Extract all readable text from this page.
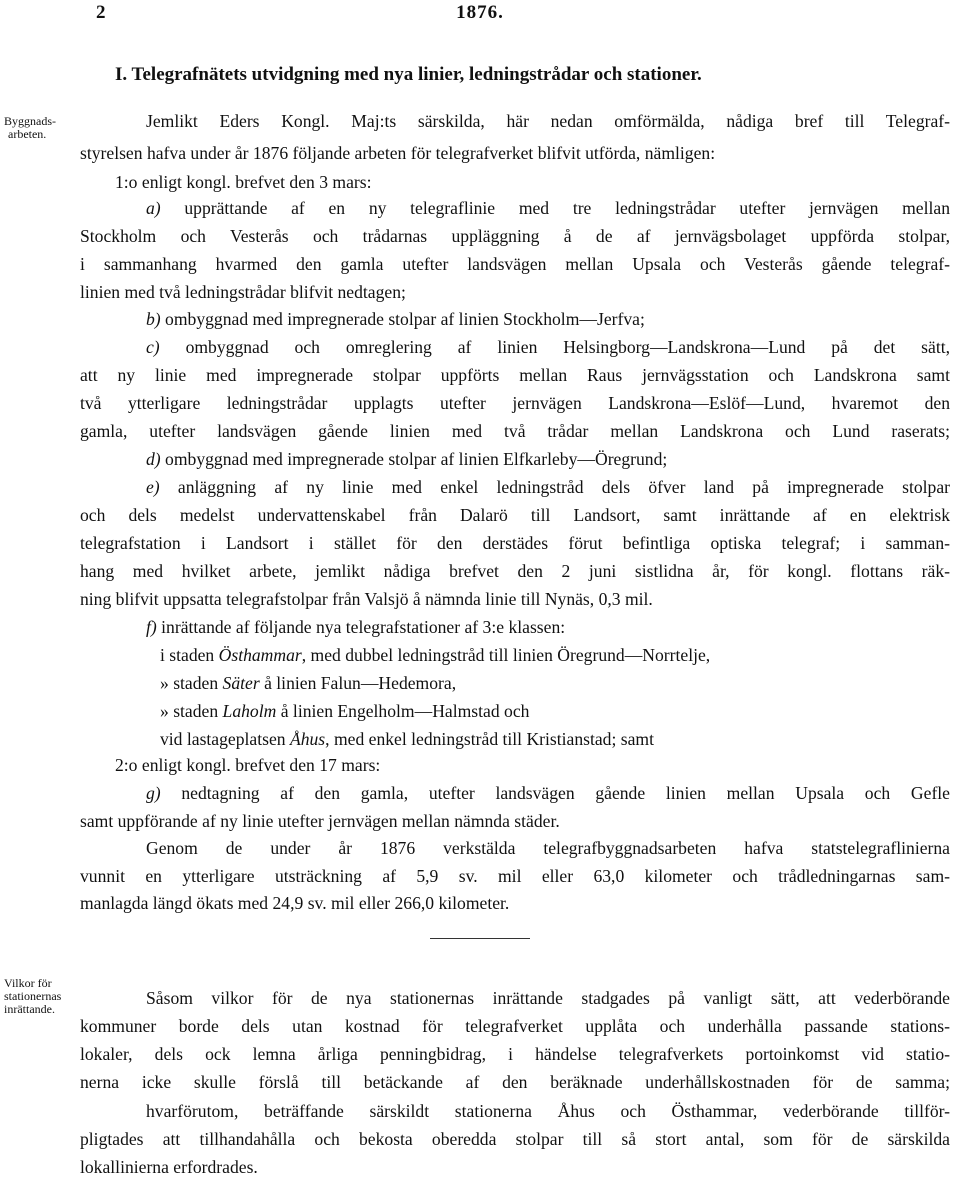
2	1876.
I. Telegrafnätets utvidgning med nya linier, ledningstrådar och stationer.
Byggnads-
arbeten.
Vilkor för
stationernas
inrättande.
Jemlikt Eders Kongl. Maj:ts särskilda, här nedan omförmälda, nådiga bref till Telegraf-
styrelsen hafva under år 1876 följande arbeten för telegrafverket blifvit utförda, nämligen:
1:o enligt kongl. brefvet den 3 mars:
a) upprättande af en ny telegraflinie med tre ledningstrådar utefter jernvägen mellan
Stockholm och Vesterås och trådarnas uppläggning å de af jernvägsbolaget uppförda stolpar,
i sammanhang hvarmed den gamla utefter landsvägen mellan Upsala och Vesterås gående telegraf-
linien med två ledningstrådar blifvit nedtagen;
b) ombyggnad med impregnerade stolpar af linien Stockholm—Jerfva;
c) ombyggnad och omreglering af linien Helsingborg—Landskrona—Lund på det sätt,
att ny linie med impregnerade stolpar uppförts mellan Raus jernvägsstation och Landskrona samt
två ytterligare ledningstrådar upplagts utefter jernvägen Landskrona—Eslöf—Lund, hvaremot den
gamla, utefter landsvägen gående linien med två trådar mellan Landskrona och Lund raserats;
d) ombyggnad med impregnerade stolpar af linien Elfkarleby—Öregrund;
e) anläggning af ny linie med enkel ledningstråd dels öfver land på impregnerade stolpar
och dels medelst undervattenskabel från Dalarö till Landsort, samt inrättande af en elektrisk
telegrafstation i Landsort i stället för den derstädes förut befintliga optiska telegraf; i samman-
hang med hvilket arbete, jemlikt nådiga brefvet den 2 juni sistlidna år, för kongl. flottans räk-
ning blifvit uppsatta telegrafstolpar från Valsjö å nämnda linie till Nynäs, 0,3 mil.
f) inrättande af följande nya telegrafstationer af 3:e klassen:
i staden Östhammar, med dubbel ledningstråd till linien Öregrund—Norrtelje,
» staden Säter å linien Falun—Hedemora,
» staden Laholm å linien Engelholm—Halmstad och
vid lastageplatsen Åhus, med enkel ledningstråd till Kristianstad; samt
2:o enligt kongl. brefvet den 17 mars:
g) nedtagning af den gamla, utefter landsvägen gående linien mellan Upsala och Gefle
samt uppförande af ny linie utefter jernvägen mellan nämnda städer.
Genom de under år 1876 verkstälda telegrafbyggnadsarbeten hafva statstelegraflinierna
vunnit en ytterligare utsträckning af 5,9 sv. mil eller 63,0 kilometer och trådledningarnas sam-
manlagda längd ökats med 24,9 sv. mil eller 266,0 kilometer.
Såsom vilkor för de nya stationernas inrättande stadgades på vanligt sätt, att vederbörande
kommuner borde dels utan kostnad för telegrafverket upplåta och underhålla passande stations-
lokaler, dels ock lemna årliga penningbidrag, i händelse telegrafverkets portoinkomst vid statio-
nerna icke skulle förslå till betäckande af den beräknade underhållskostnaden för de samma;
hvarförutom, beträffande särskildt stationerna Åhus och Östhammar, vederbörande tillför-
pligtades att tillhandahålla och bekosta oberedda stolpar till så stort antal, som för de särskilda
lokallinierna erfordrades.
